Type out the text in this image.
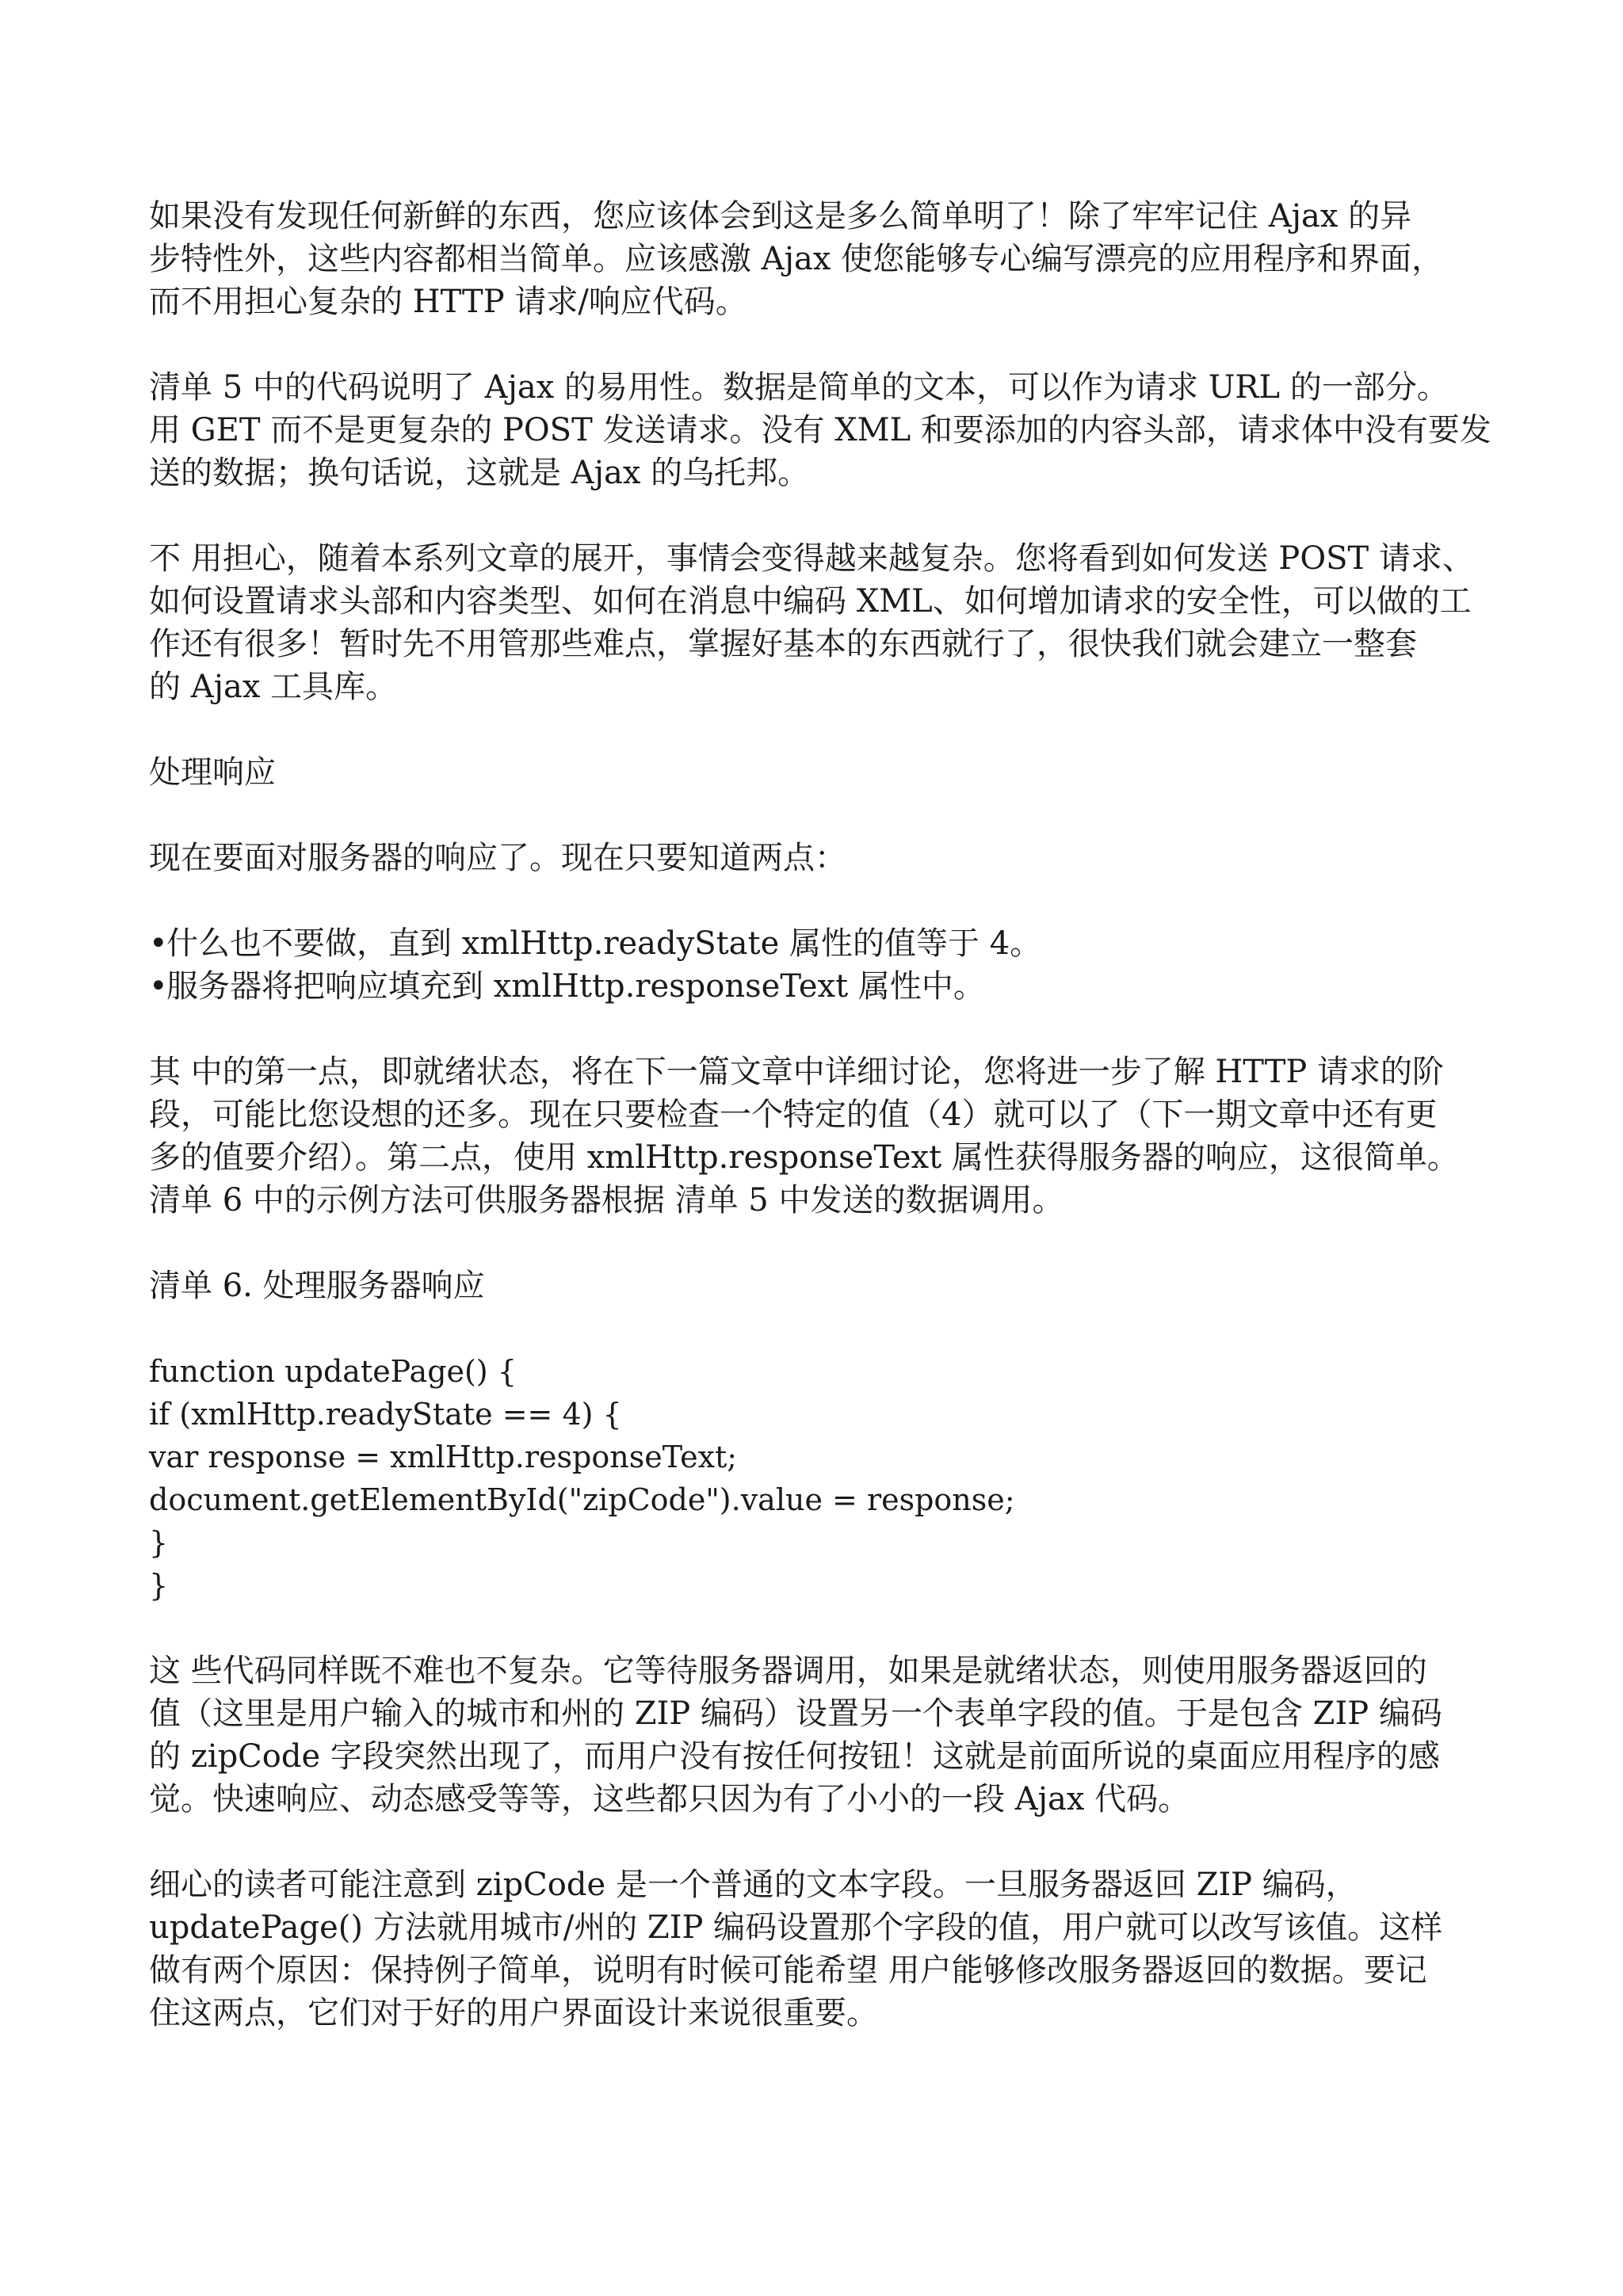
如果没有发现任何新鲜的东西，您应该体会到这是多么简单明了！除了牢牢记住 Ajax 的异
步特性外，这些内容都相当简单。应该感激 Ajax 使您能够专心编写漂亮的应用程序和界面，
而不用担心复杂的 HTTP 请求/响应代码。

清单 5 中的代码说明了 Ajax 的易用性。数据是简单的文本，可以作为请求 URL 的一部分。
用 GET 而不是更复杂的 POST 发送请求。没有 XML 和要添加的内容头部，请求体中没有要发
送的数据；换句话说，这就是 Ajax 的乌托邦。

不 用担心，随着本系列文章的展开，事情会变得越来越复杂。您将看到如何发送 POST 请求、
如何设置请求头部和内容类型、如何在消息中编码 XML、如何增加请求的安全性，可以做的工
作还有很多！暂时先不用管那些难点，掌握好基本的东西就行了，很快我们就会建立一整套
的 Ajax 工具库。

处理响应

现在要面对服务器的响应了。现在只要知道两点：

•什么也不要做，直到 xmlHttp.readyState 属性的值等于 4。
•服务器将把响应填充到 xmlHttp.responseText 属性中。

其 中的第一点，即就绪状态，将在下一篇文章中详细讨论，您将进一步了解 HTTP 请求的阶
段，可能比您设想的还多。现在只要检查一个特定的值（4）就可以了（下一期文章中还有更
多的值要介绍）。第二点，使用 xmlHttp.responseText 属性获得服务器的响应，这很简单。
清单 6 中的示例方法可供服务器根据 清单 5 中发送的数据调用。

清单 6. 处理服务器响应
function updatePage() {
if (xmlHttp.readyState == 4) {
var response = xmlHttp.responseText;
document.getElementById("zipCode").value = response;
}
}

这 些代码同样既不难也不复杂。它等待服务器调用，如果是就绪状态，则使用服务器返回的
值（这里是用户输入的城市和州的 ZIP 编码）设置另一个表单字段的值。于是包含 ZIP 编码
的 zipCode 字段突然出现了，而用户没有按任何按钮！这就是前面所说的桌面应用程序的感
觉。快速响应、动态感受等等，这些都只因为有了小小的一段 Ajax 代码。

细心的读者可能注意到 zipCode 是一个普通的文本字段。一旦服务器返回 ZIP 编码，
updatePage() 方法就用城市/州的 ZIP 编码设置那个字段的值，用户就可以改写该值。这样
做有两个原因：保持例子简单，说明有时候可能希望 用户能够修改服务器返回的数据。要记
住这两点，它们对于好的用户界面设计来说很重要。
